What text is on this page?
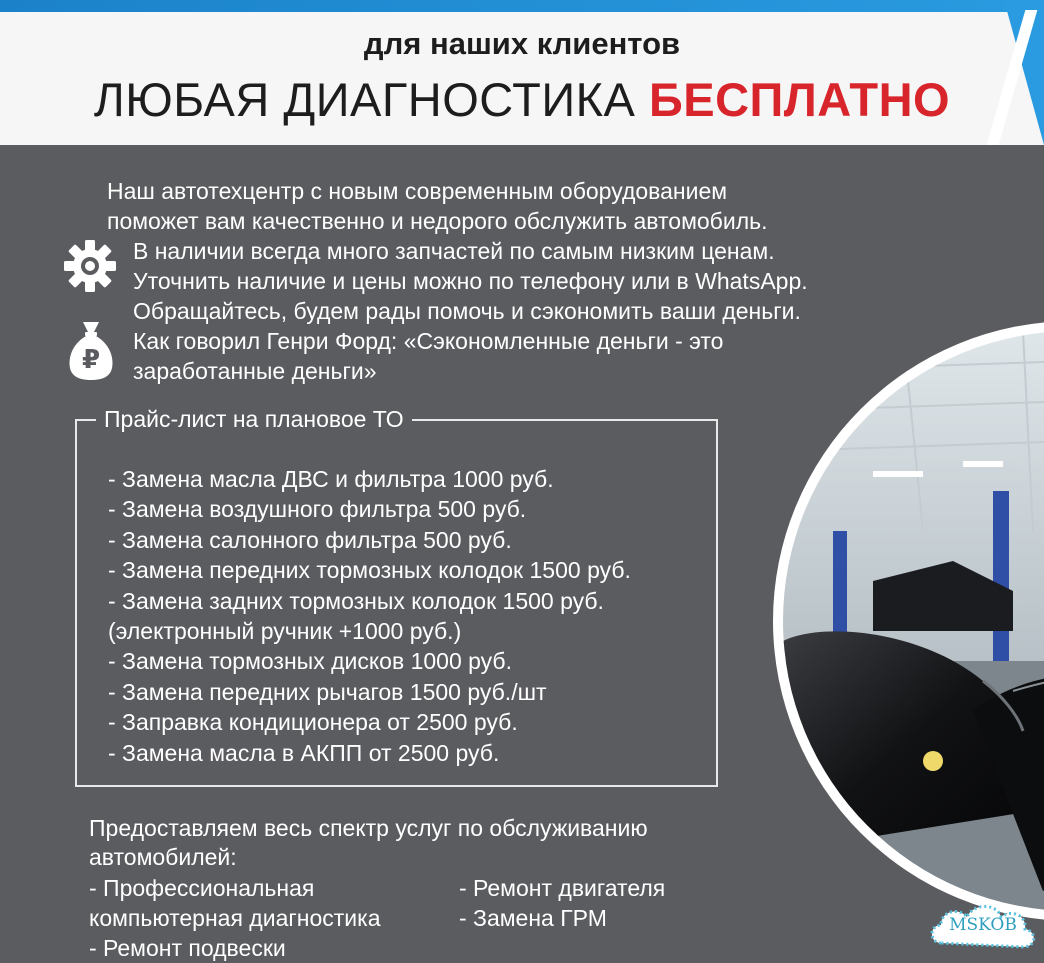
для наших клиентов
ЛЮБАЯ ДИАГНОСТИКА БЕСПЛАТНО

Наш автотехцентр с новым современным оборудованием

поможет вам качественно и недорого обслужить автомобиль.

В наличии всегда много запчастей по самым низким ценам.

Уточнить наличие и цены можно по телефону или в WhatsApp.

Обращайтесь, будем рады помочь и сэкономить ваши деньги.

Как говорил Генри Форд: «Сэкономленные деньги - это

заработанные деньги»

₽
Прайс-лист на плановое ТО
- Замена масла ДВС и фильтра 1000 руб.
- Замена воздушного фильтра 500 руб.
- Замена салонного фильтра 500 руб.
- Замена передних тормозных колодок 1500 руб.
- Замена задних тормозных колодок 1500 руб.
(электронный ручник +1000 руб.)
- Замена тормозных дисков 1000 руб.
- Замена передних рычагов 1500 руб./шт
- Заправка кондиционера от 2500 руб.
- Замена масла в АКПП от 2500 руб.
Предоставляем весь спектр услуг по обслуживанию
автомобилей:
- Профессиональная
компьютерная диагностика
- Ремонт подвески
- Ремонт двигателя
- Замена ГРМ	MSKOB
